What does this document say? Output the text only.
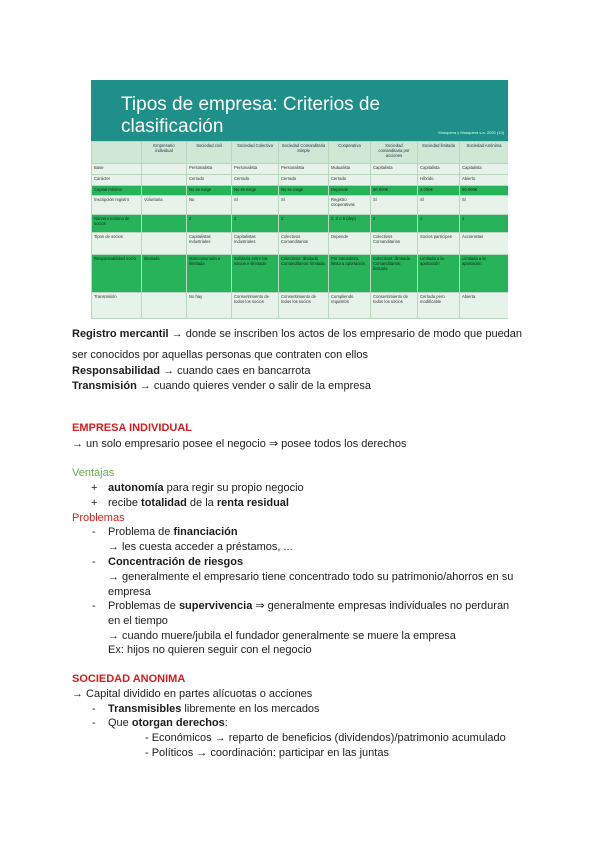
Tipos de empresa: Criterios de clasificación	Mosquera y Mosquera s.a. 2020 (10)
	Empresario individual	Sociedad civil	Sociedad Colectiva	Sociedad Comanditaria Simple	Cooperativa	Sociedad comanditaria por acciones	Sociedad limitada	Sociedad Anónima
Base		Personalista	Personalista	Personalista	Mutualista	Capitalista	Capitalista	Capitalista
Carácter		Cerrado	Cerrado	Cerrado	Cerrado		Híbrido	Abierto
Capital mínimo		No se exige	No se exige	No se exige	Depende	60.000€	3.000€	60.000€
Inscripción registro	Voluntaria	No	Sí	Sí	Registro cooperativas	Sí	Sí	Sí
Número mínimo de socios		2	2	2	2, 3 o 5 (dep)	2	1	1
Tipos de socios		Capitalistas Industriales	Capitalistas Industriales	Colectivos Comanditarios	Depende	Colectivos Comanditarios	Socios partícipes	Accionistas
Responsabilidad socio	Ilimitada	Mancomunada e Ilimitada	Solidaria entre los socios e ilimitada	Colectivos: ilimitada Comanditarios: limitada	Por naturaleza, limita a aportación	Colectivos: ilimitada Comanditarios: limitada	Limitada a la aportación	Limitada a la aportación
Transmisión		No hay	Consentimiento de todos los socios	Consentimiento de todos los socios	Cumpliendo requisitos	Consentimiento de todos los socios	Cerrada pero modificable	Abierta
Registro mercantil → donde se inscriben los actos de los empresario de modo que puedan
ser conocidos por aquellas personas que contraten con ellos
Responsabilidad → cuando caes en bancarrota
Transmisión → cuando quieres vender o salir de la empresa
EMPRESA INDIVIDUAL
→ un solo empresario posee el negocio ⇒ posee todos los derechos
Ventajas
+ autonomía para regir su propio negocio
+ recibe totalidad de la renta residual
Problemas
- Problema de financiación
→ les cuesta acceder a préstamos, ...
- Concentración de riesgos
→ generalmente el empresario tiene concentrado todo su patrimonio/ahorros en su
empresa
- Problemas de supervivencia ⇒ generalmente empresas individuales no perduran
en el tiempo
→ cuando muere/jubila el fundador generalmente se muere la empresa
Ex: hijos no quieren seguir con el negocio
SOCIEDAD ANONIMA
→ Capital dividido en partes alícuotas o acciones
- Transmisibles libremente en los mercados
- Que otorgan derechos:
- Económicos → reparto de beneficios (dividendos)/patrimonio acumulado
- Políticos → coordinación: participar en las juntas
